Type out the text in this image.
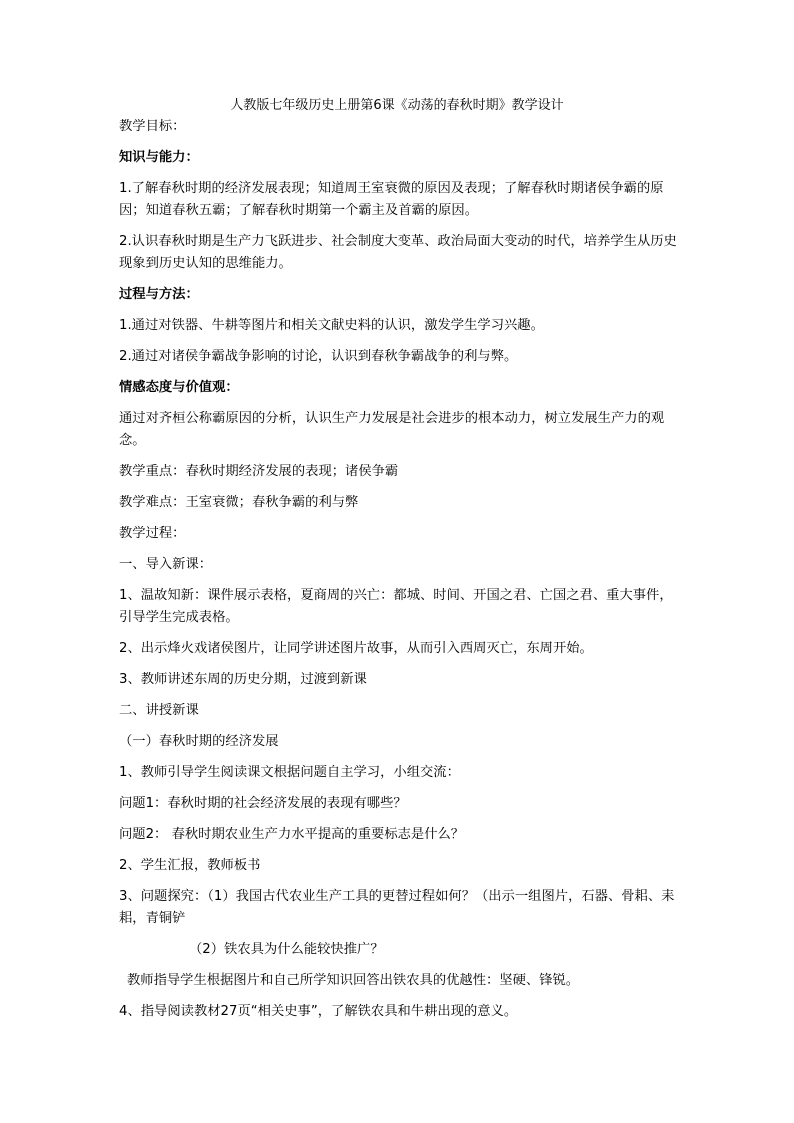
人教版七年级历史上册第6课《动荡的春秋时期》教学设计

教学目标：

知识与能力：

1.了解春秋时期的经济发展表现；知道周王室衰微的原因及表现；了解春秋时期诸侯争霸的原因；知道春秋五霸；了解春秋时期第一个霸主及首霸的原因。

2.认识春秋时期是生产力飞跃进步、社会制度大变革、政治局面大变动的时代，培养学生从历史现象到历史认知的思维能力。

过程与方法：

1.通过对铁器、牛耕等图片和相关文献史料的认识，激发学生学习兴趣。

2.通过对诸侯争霸战争影响的讨论，认识到春秋争霸战争的利与弊。

情感态度与价值观：

通过对齐桓公称霸原因的分析，认识生产力发展是社会进步的根本动力，树立发展生产力的观念。

教学重点：春秋时期经济发展的表现；诸侯争霸

教学难点：王室衰微；春秋争霸的利与弊

教学过程：

一、导入新课：

1、温故知新：课件展示表格，夏商周的兴亡：都城、时间、开国之君、亡国之君、重大事件，引导学生完成表格。

2、出示烽火戏诸侯图片，让同学讲述图片故事，从而引入西周灭亡，东周开始。

3、教师讲述东周的历史分期，过渡到新课

二、讲授新课

（一）春秋时期的经济发展

1、教师引导学生阅读课文根据问题自主学习，小组交流：

问题1：春秋时期的社会经济发展的表现有哪些？

问题2： 春秋时期农业生产力水平提高的重要标志是什么？

2、学生汇报，教师板书

3、问题探究：（1）我国古代农业生产工具的更替过程如何？（出示一组图片，石器、骨耜、耒耜，青铜铲

（2）铁农具为什么能较快推广？

教师指导学生根据图片和自己所学知识回答出铁农具的优越性：坚硬、锋锐。

4、指导阅读教材27页“相关史事”，了解铁农具和牛耕出现的意义。
